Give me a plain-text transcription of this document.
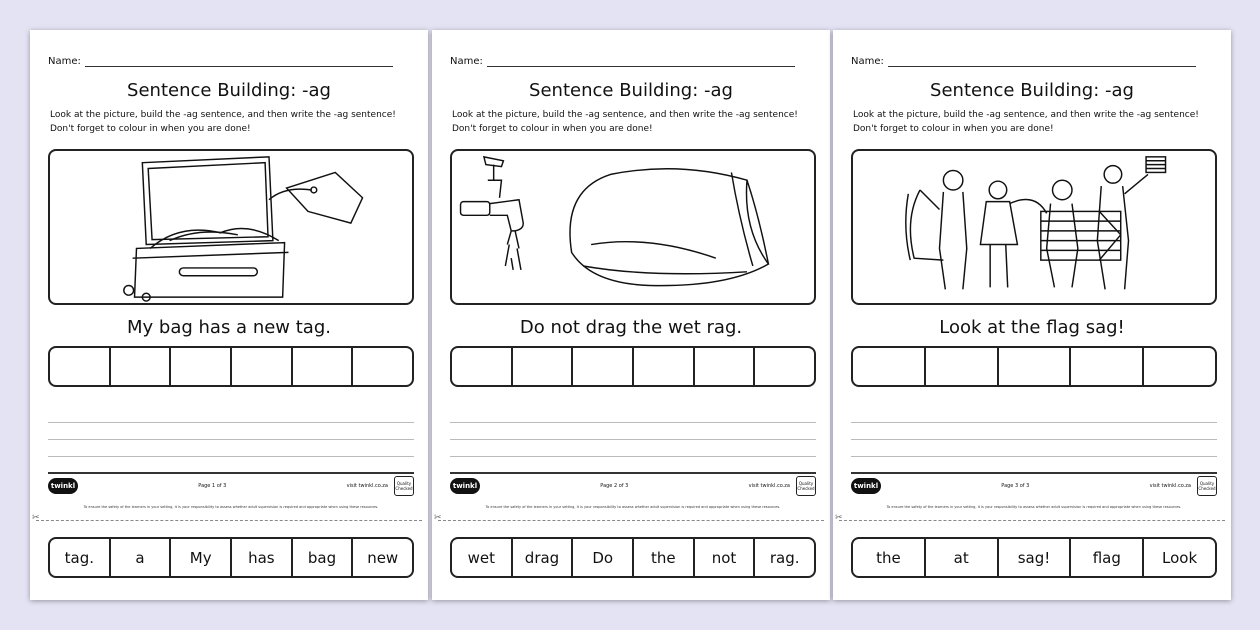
Name:
Sentence Building: -ag
Look at the picture, build the -ag sentence, and then write the -ag sentence! Don't forget to colour in when you are done!
My bag has a new tag.
twinkl	Page 1 of 3	visit twinkl.co.za	Quality Checked
To ensure the safety of the learners in your setting, it is your responsibility to assess whether adult supervision is required and appropriate when using these resources.
✂
tag.	a	My	has	bag	new
Name:
Sentence Building: -ag
Look at the picture, build the -ag sentence, and then write the -ag sentence! Don't forget to colour in when you are done!
Do not drag the wet rag.
twinkl	Page 2 of 3	visit twinkl.co.za	Quality Checked
To ensure the safety of the learners in your setting, it is your responsibility to assess whether adult supervision is required and appropriate when using these resources.
✂
wet	drag	Do	the	not	rag.
Name:
Sentence Building: -ag
Look at the picture, build the -ag sentence, and then write the -ag sentence! Don't forget to colour in when you are done!
Look at the flag sag!
twinkl	Page 3 of 3	visit twinkl.co.za	Quality Checked
To ensure the safety of the learners in your setting, it is your responsibility to assess whether adult supervision is required and appropriate when using these resources.
✂
the	at	sag!	flag	Look
